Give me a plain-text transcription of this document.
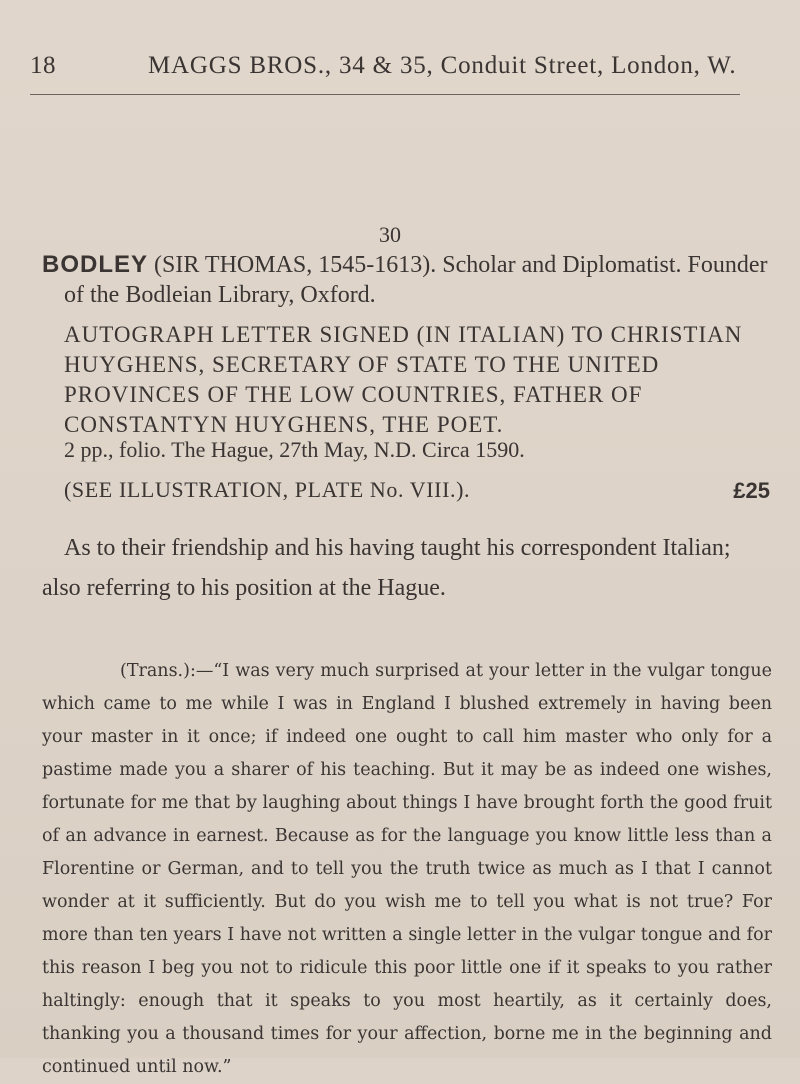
18	MAGGS BROS., 34 & 35, Conduit Street, London, W.
30
BODLEY (SIR THOMAS, 1545-1613). Scholar and Diplomatist. Founder of the Bodleian Library, Oxford.
AUTOGRAPH LETTER SIGNED (IN ITALIAN) TO CHRISTIAN HUYGHENS, SECRETARY OF STATE TO THE UNITED PROVINCES OF THE LOW COUNTRIES, FATHER OF CONSTANTYN HUYGHENS, THE POET.
2 pp., folio. The Hague, 27th May, N.D. Circa 1590.
(SEE ILLUSTRATION, PLATE No. VIII.).	£25
As to their friendship and his having taught his correspondent Italian; also referring to his position at the Hague.
(Trans.):—“I was very much surprised at your letter in the vulgar tongue which came to me while I was in England I blushed extremely in having been your master in it once; if indeed one ought to call him master who only for a pastime made you a sharer of his teaching. But it may be as indeed one wishes, fortunate for me that by laughing about things I have brought forth the good fruit of an advance in earnest. Because as for the language you know little less than a Florentine or German, and to tell you the truth twice as much as I that I cannot wonder at it sufficiently. But do you wish me to tell you what is not true? For more than ten years I have not written a single letter in the vulgar tongue and for this reason I beg you not to ridicule this poor little one if it speaks to you rather haltingly: enough that it speaks to you most heartily, as it certainly does, thanking you a thousand times for your affection, borne me in the beginning and continued until now.”
